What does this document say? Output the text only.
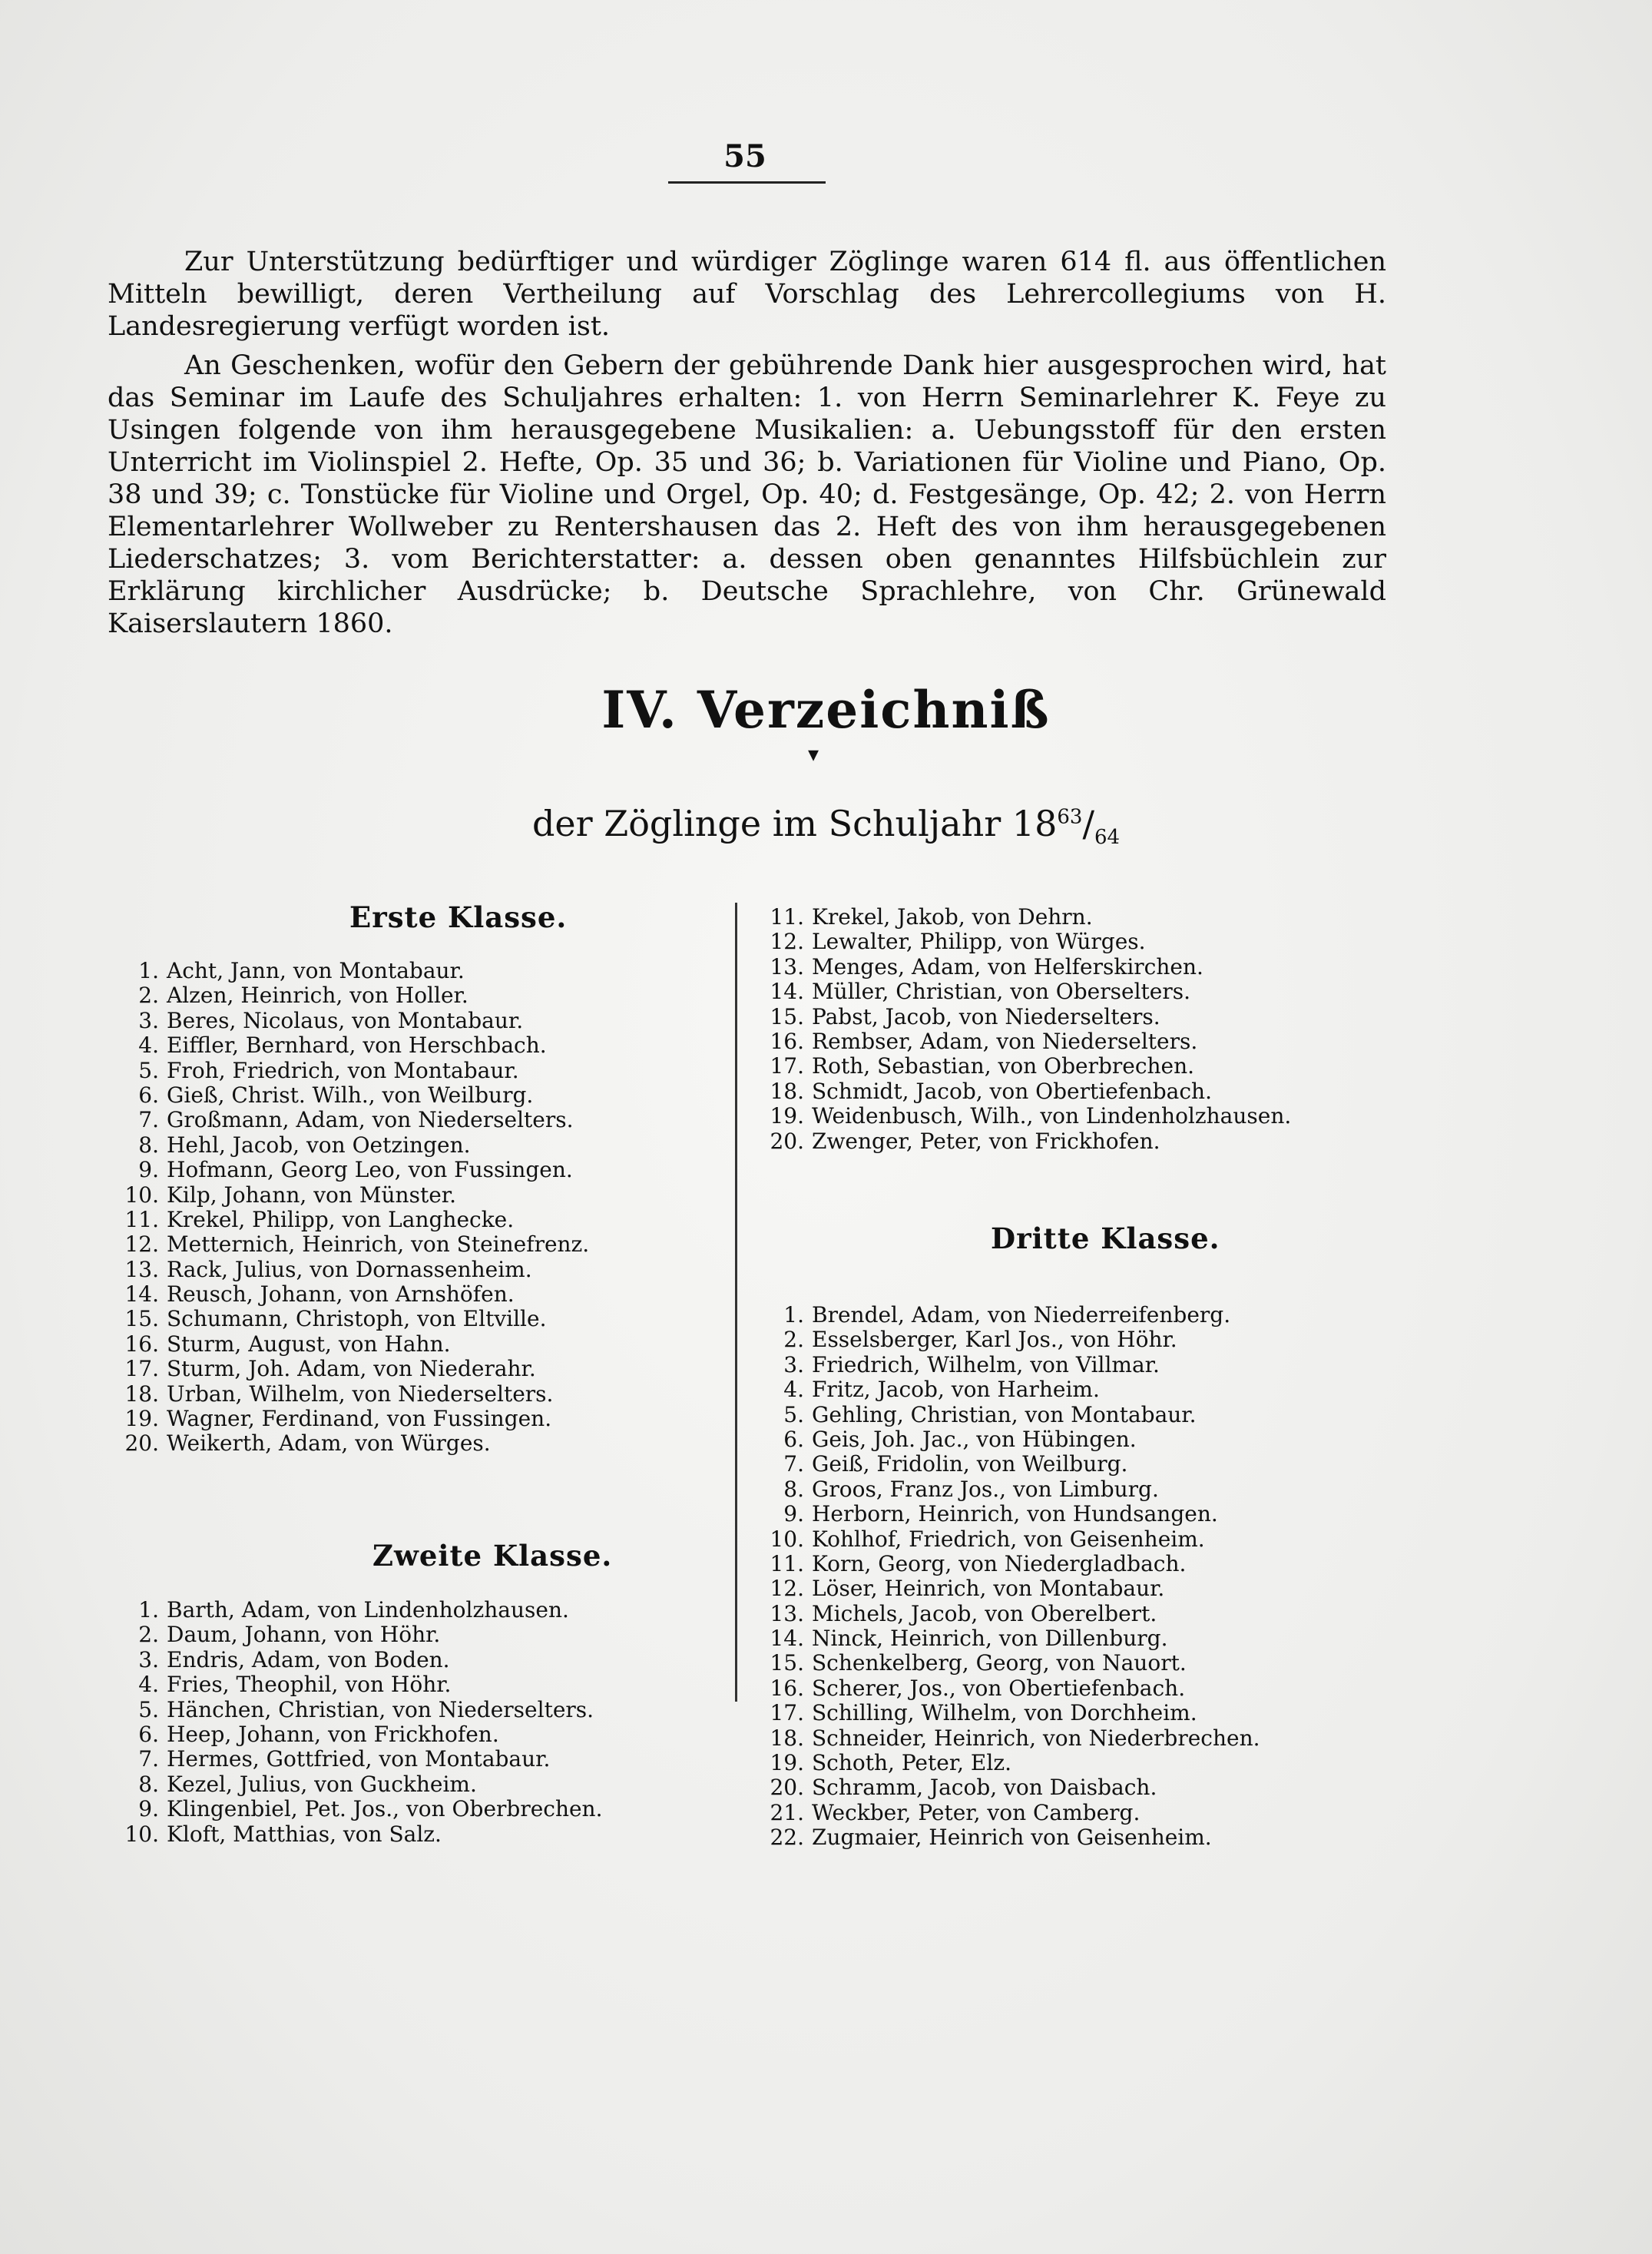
55

Zur Unterstützung bedürftiger und würdiger Zöglinge waren 614 fl. aus öffentlichen Mitteln bewilligt, deren Vertheilung auf Vorschlag des Lehrercollegiums von H. Landesregierung verfügt worden ist.

An Geschenken, wofür den Gebern der gebührende Dank hier ausgesprochen wird, hat das Seminar im Laufe des Schuljahres erhalten: 1. von Herrn Seminarlehrer K. Feye zu Usingen folgende von ihm herausgegebene Musikalien: a. Uebungsstoff für den ersten Unterricht im Violinspiel 2. Hefte, Op. 35 und 36; b. Variationen für Violine und Piano, Op. 38 und 39; c. Tonstücke für Violine und Orgel, Op. 40; d. Festgesänge, Op. 42; 2. von Herrn Elementarlehrer Wollweber zu Rentershausen das 2. Heft des von ihm herausgegebenen Liederschatzes; 3. vom Berichterstatter: a. dessen oben genanntes Hilfsbüchlein zur Erklärung kirchlicher Ausdrücke; b. Deutsche Sprachlehre, von Chr. Grünewald Kaiserslautern 1860.

IV. Verzeichniß
▾
der Zöglinge im Schuljahr $18^{63}/_{64}$
Erste Klasse.
1. Acht, Jann, von Montabaur.
2. Alzen, Heinrich, von Holler.
3. Beres, Nicolaus, von Montabaur.
4. Eiffler, Bernhard, von Herschbach.
5. Froh, Friedrich, von Montabaur.
6. Gieß, Christ. Wilh., von Weilburg.
7. Großmann, Adam, von Niederselters.
8. Hehl, Jacob, von Oetzingen.
9. Hofmann, Georg Leo, von Fussingen.
10. Kilp, Johann, von Münster.
11. Krekel, Philipp, von Langhecke.
12. Metternich, Heinrich, von Steinefrenz.
13. Rack, Julius, von Dornassenheim.
14. Reusch, Johann, von Arnshöfen.
15. Schumann, Christoph, von Eltville.
16. Sturm, August, von Hahn.
17. Sturm, Joh. Adam, von Niederahr.
18. Urban, Wilhelm, von Niederselters.
19. Wagner, Ferdinand, von Fussingen.
20. Weikerth, Adam, von Würges.
Zweite Klasse.
1. Barth, Adam, von Lindenholzhausen.
2. Daum, Johann, von Höhr.
3. Endris, Adam, von Boden.
4. Fries, Theophil, von Höhr.
5. Hänchen, Christian, von Niederselters.
6. Heep, Johann, von Frickhofen.
7. Hermes, Gottfried, von Montabaur.
8. Kezel, Julius, von Guckheim.
9. Klingenbiel, Pet. Jos., von Oberbrechen.
10. Kloft, Matthias, von Salz.
11. Krekel, Jakob, von Dehrn.
12. Lewalter, Philipp, von Würges.
13. Menges, Adam, von Helferskirchen.
14. Müller, Christian, von Oberselters.
15. Pabst, Jacob, von Niederselters.
16. Rembser, Adam, von Niederselters.
17. Roth, Sebastian, von Oberbrechen.
18. Schmidt, Jacob, von Obertiefenbach.
19. Weidenbusch, Wilh., von Lindenholzhausen.
20. Zwenger, Peter, von Frickhofen.
Dritte Klasse.
1. Brendel, Adam, von Niederreifenberg.
2. Esselsberger, Karl Jos., von Höhr.
3. Friedrich, Wilhelm, von Villmar.
4. Fritz, Jacob, von Harheim.
5. Gehling, Christian, von Montabaur.
6. Geis, Joh. Jac., von Hübingen.
7. Geiß, Fridolin, von Weilburg.
8. Groos, Franz Jos., von Limburg.
9. Herborn, Heinrich, von Hundsangen.
10. Kohlhof, Friedrich, von Geisenheim.
11. Korn, Georg, von Niedergladbach.
12. Löser, Heinrich, von Montabaur.
13. Michels, Jacob, von Oberelbert.
14. Ninck, Heinrich, von Dillenburg.
15. Schenkelberg, Georg, von Nauort.
16. Scherer, Jos., von Obertiefenbach.
17. Schilling, Wilhelm, von Dorchheim.
18. Schneider, Heinrich, von Niederbrechen.
19. Schoth, Peter, Elz.
20. Schramm, Jacob, von Daisbach.
21. Weckber, Peter, von Camberg.
22. Zugmaier, Heinrich von Geisenheim.
